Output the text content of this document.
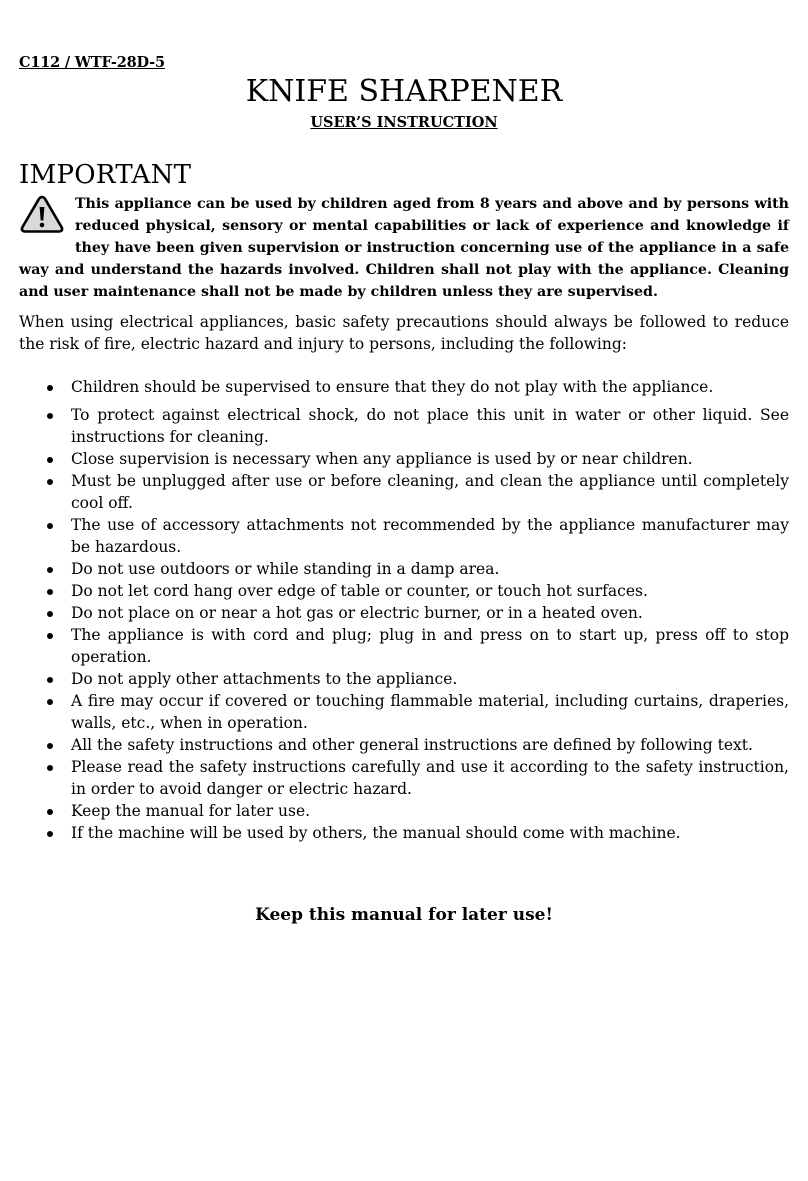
C112 / WTF-28D-5
KNIFE SHARPENER
USER’S INSTRUCTION
IMPORTANT

This appliance can be used by children aged from 8 years and above and by persons with reduced physical, sensory or mental capabilities or lack of experience and knowledge if they have been given supervision or instruction concerning use of the appliance in a safe way and understand the hazards involved. Children shall not play with the appliance. Cleaning and user maintenance shall not be made by children unless they are supervised.

When using electrical appliances, basic safety precautions should always be followed to reduce the risk of fire, electric hazard and injury to persons, including the following:

Children should be supervised to ensure that they do not play with the appliance.
To protect against electrical shock, do not place this unit in water or other liquid. See instructions for cleaning.
Close supervision is necessary when any appliance is used by or near children.
Must be unplugged after use or before cleaning, and clean the appliance until completely cool off.
The use of accessory attachments not recommended by the appliance manufacturer may be hazardous.
Do not use outdoors or while standing in a damp area.
Do not let cord hang over edge of table or counter, or touch hot surfaces.
Do not place on or near a hot gas or electric burner, or in a heated oven.
The appliance is with cord and plug; plug in and press on to start up, press off to stop operation.
Do not apply other attachments to the appliance.
A fire may occur if covered or touching flammable material, including curtains, draperies, walls, etc., when in operation.
All the safety instructions and other general instructions are defined by following text.
Please read the safety instructions carefully and use it according to the safety instruction, in order to avoid danger or electric hazard.
Keep the manual for later use.
If the machine will be used by others, the manual should come with machine.
Keep this manual for later use!
